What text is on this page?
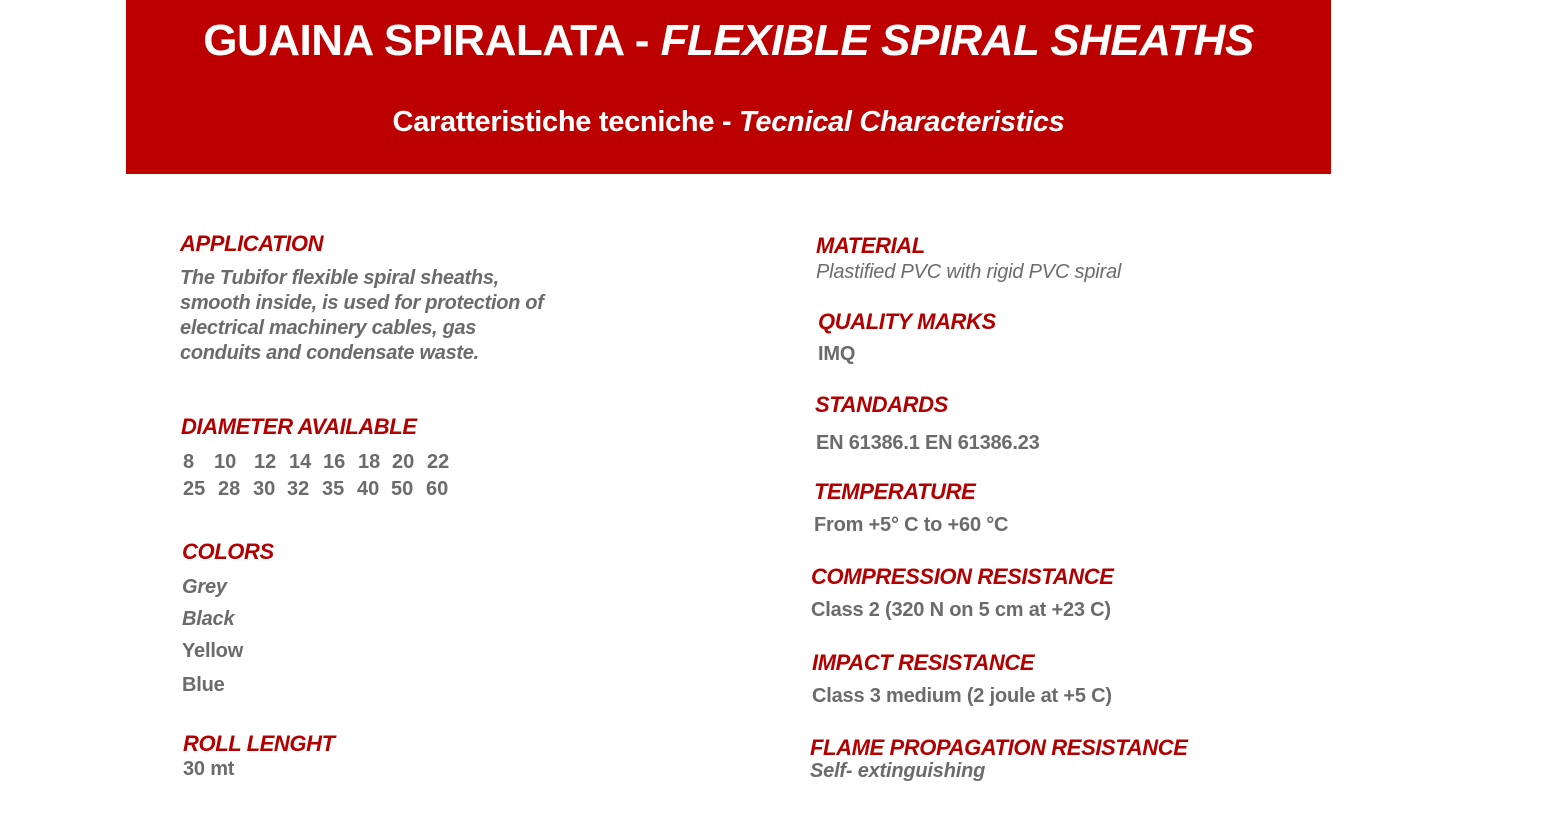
GUAINA SPIRALATA - FLEXIBLE SPIRAL SHEATHS
Caratteristiche tecniche - Tecnical Characteristics
APPLICATION
The Tubifor flexible spiral sheaths,
smooth inside, is used for protection of
electrical machinery cables, gas
conduits and condensate waste.
DIAMETER AVAILABLE
8 10 12 14 16 18 20 22
25 28 30 32 35 40 50 60
COLORS
Grey
Black
Yellow
Blue
ROLL LENGHT
30 mt
MATERIAL
Plastified PVC with rigid PVC spiral
QUALITY MARKS
IMQ
STANDARDS
EN 61386.1 EN 61386.23
TEMPERATURE
From +5° C to +60 °C
COMPRESSION RESISTANCE
Class 2 (320 N on 5 cm at +23 C)
IMPACT RESISTANCE
Class 3 medium (2 joule at +5 C)
FLAME PROPAGATION RESISTANCE
Self- extinguishing
